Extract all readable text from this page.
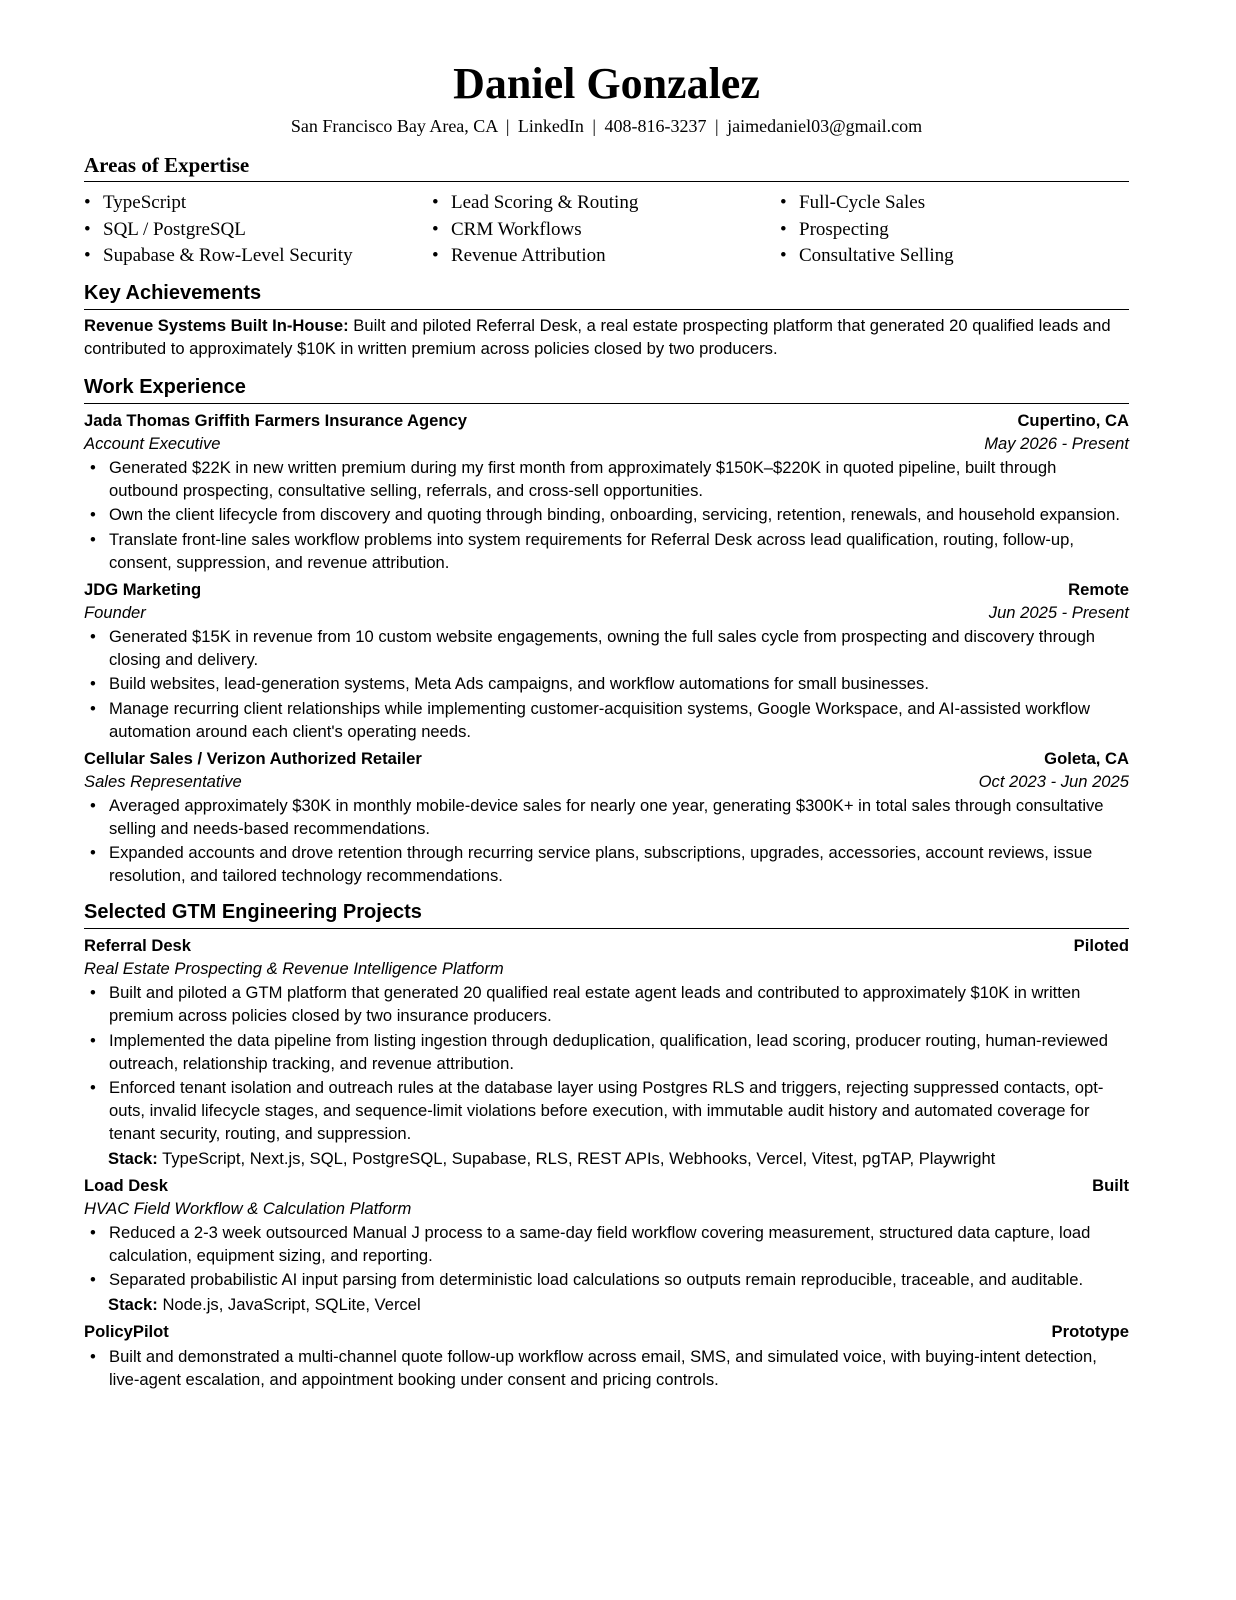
Daniel Gonzalez
San Francisco Bay Area, CA | LinkedIn | 408-816-3237 | jaimedaniel03@gmail.com
Areas of Expertise
• TypeScript
• SQL / PostgreSQL
• Supabase & Row-Level Security
• Lead Scoring & Routing
• CRM Workflows
• Revenue Attribution
• Full-Cycle Sales
• Prospecting
• Consultative Selling
Key Achievements
Revenue Systems Built In-House: Built and piloted Referral Desk, a real estate prospecting platform that generated 20 qualified leads and contributed to approximately $10K in written premium across policies closed by two producers.
Work Experience
Jada Thomas Griffith Farmers Insurance Agency	Cupertino, CA
Account Executive	May 2026 - Present
• Generated $22K in new written premium during my first month from approximately $150K–$220K in quoted pipeline, built through outbound prospecting, consultative selling, referrals, and cross-sell opportunities.
• Own the client lifecycle from discovery and quoting through binding, onboarding, servicing, retention, renewals, and household expansion.
• Translate front-line sales workflow problems into system requirements for Referral Desk across lead qualification, routing, follow-up, consent, suppression, and revenue attribution.
JDG Marketing	Remote
Founder	Jun 2025 - Present
• Generated $15K in revenue from 10 custom website engagements, owning the full sales cycle from prospecting and discovery through closing and delivery.
• Build websites, lead-generation systems, Meta Ads campaigns, and workflow automations for small businesses.
• Manage recurring client relationships while implementing customer-acquisition systems, Google Workspace, and AI-assisted workflow automation around each client's operating needs.
Cellular Sales / Verizon Authorized Retailer	Goleta, CA
Sales Representative	Oct 2023 - Jun 2025
• Averaged approximately $30K in monthly mobile-device sales for nearly one year, generating $300K+ in total sales through consultative selling and needs-based recommendations.
• Expanded accounts and drove retention through recurring service plans, subscriptions, upgrades, accessories, account reviews, issue resolution, and tailored technology recommendations.
Selected GTM Engineering Projects
Referral Desk	Piloted
Real Estate Prospecting & Revenue Intelligence Platform
• Built and piloted a GTM platform that generated 20 qualified real estate agent leads and contributed to approximately $10K in written premium across policies closed by two insurance producers.
• Implemented the data pipeline from listing ingestion through deduplication, qualification, lead scoring, producer routing, human-reviewed outreach, relationship tracking, and revenue attribution.
• Enforced tenant isolation and outreach rules at the database layer using Postgres RLS and triggers, rejecting suppressed contacts, opt-outs, invalid lifecycle stages, and sequence-limit violations before execution, with immutable audit history and automated coverage for tenant security, routing, and suppression.
Stack: TypeScript, Next.js, SQL, PostgreSQL, Supabase, RLS, REST APIs, Webhooks, Vercel, Vitest, pgTAP, Playwright
Load Desk	Built
HVAC Field Workflow & Calculation Platform
• Reduced a 2-3 week outsourced Manual J process to a same-day field workflow covering measurement, structured data capture, load calculation, equipment sizing, and reporting.
• Separated probabilistic AI input parsing from deterministic load calculations so outputs remain reproducible, traceable, and auditable.
Stack: Node.js, JavaScript, SQLite, Vercel
PolicyPilot	Prototype
• Built and demonstrated a multi-channel quote follow-up workflow across email, SMS, and simulated voice, with buying-intent detection, live-agent escalation, and appointment booking under consent and pricing controls.
